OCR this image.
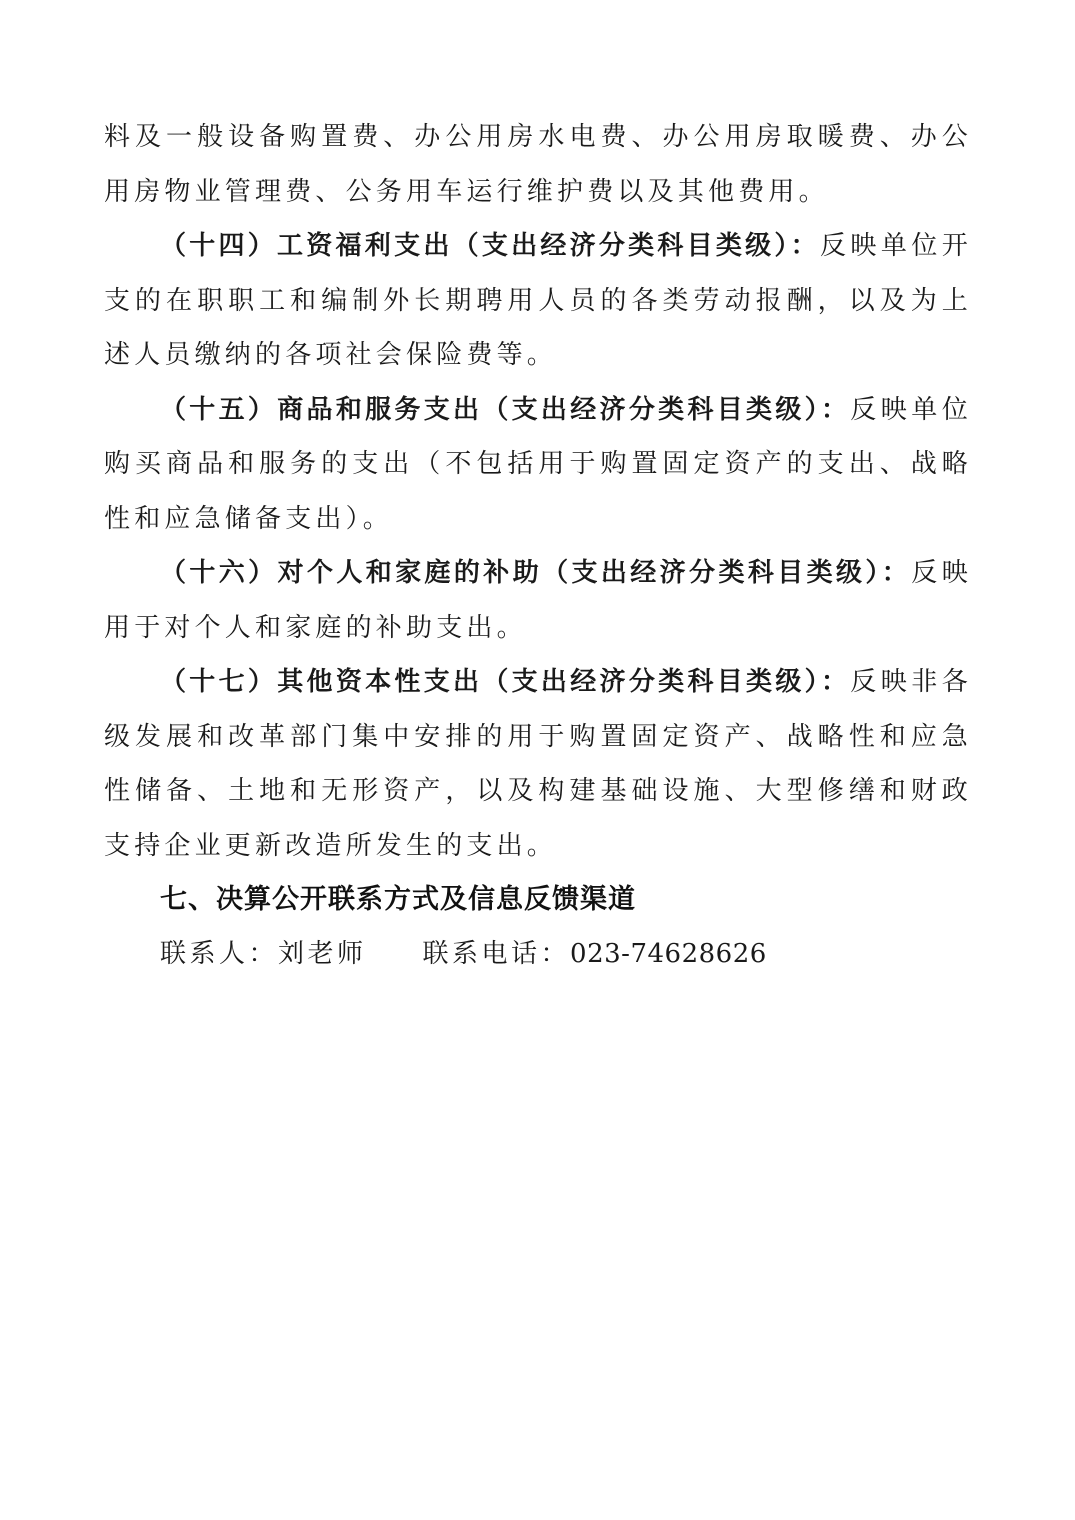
料及一般设备购置费、办公用房水电费、办公用房取暖费、办公用房物业管理费、公务用车运行维护费以及其他费用。

（十四）工资福利支出（支出经济分类科目类级）：反映单位开支的在职职工和编制外长期聘用人员的各类劳动报酬，以及为上述人员缴纳的各项社会保险费等。

（十五）商品和服务支出（支出经济分类科目类级）：反映单位购买商品和服务的支出（不包括用于购置固定资产的支出、战略性和应急储备支出）。

（十六）对个人和家庭的补助（支出经济分类科目类级）：反映用于对个人和家庭的补助支出。

（十七）其他资本性支出（支出经济分类科目类级）：反映非各级发展和改革部门集中安排的用于购置固定资产、战略性和应急性储备、土地和无形资产，以及构建基础设施、大型修缮和财政支持企业更新改造所发生的支出。

七、决算公开联系方式及信息反馈渠道

联系人：刘老师 联系电话：023-74628626
